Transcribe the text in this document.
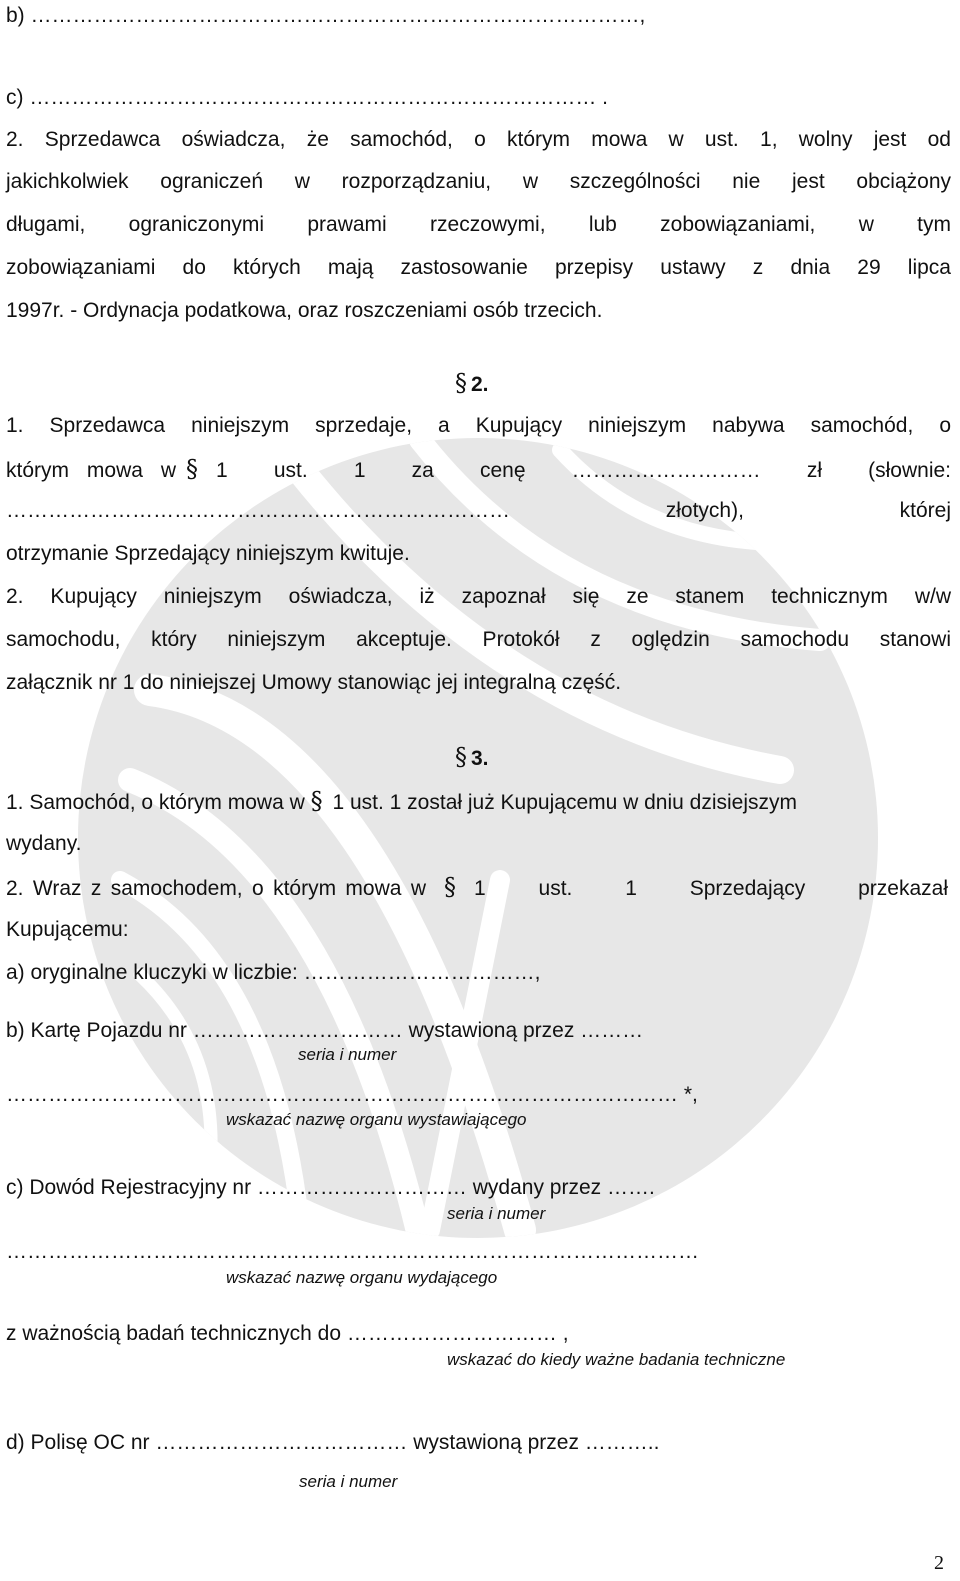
b) ……………………………………………………………………………,
c) ……………………………………………………………………… .
2. Sprzedawca oświadcza, że samochód, o którym mowa w ust. 1, wolny jest od
jakichkolwiek ograniczeń w rozporządzaniu, w szczególności nie jest obciążony
długami, ograniczonymi prawami rzeczowymi, lub zobowiązaniami, w tym
zobowiązaniami do których mają zastosowanie przepisy ustawy z dnia 29 lipca
1997r. - Ordynacja podatkowa, oraz roszczeniami osób trzecich.
§ 2.
1. Sprzedawca niniejszym sprzedaje, a Kupujący niniejszym nabywa samochód, o
którym mowa w § 1 ust. 1 za cenę ……………………… zł (słownie:
……………………………………………………………… złotych), której
otrzymanie Sprzedający niniejszym kwituje.
2. Kupujący niniejszym oświadcza, iż zapoznał się ze stanem technicznym w/w
samochodu, który niniejszym akceptuje. Protokół z oględzin samochodu stanowi
załącznik nr 1 do niniejszej Umowy stanowiąc jej integralną część.
§ 3.
1. Samochód, o którym mowa w § 1 ust. 1 został już Kupującemu w dniu dzisiejszym
wydany.
2. Wraz z samochodem, o którym mowa w § 1 ust. 1 Sprzedający przekazał
Kupującemu:
a) oryginalne kluczyki w liczbie: ……………………………,
b) Kartę Pojazdu nr ………………………… wystawioną przez ………
seria i numer
…………………………………………………………………………………… *,
wskazać nazwę organu wystawiającego
c) Dowód Rejestracyjny nr ………………………… wydany przez …….
seria i numer
………………………………………………………………………………………
wskazać nazwę organu wydającego
z ważnością badań technicznych do ………………………… ,
wskazać do kiedy ważne badania techniczne
d) Polisę OC nr ……………………………… wystawioną przez ………..
seria i numer
2
